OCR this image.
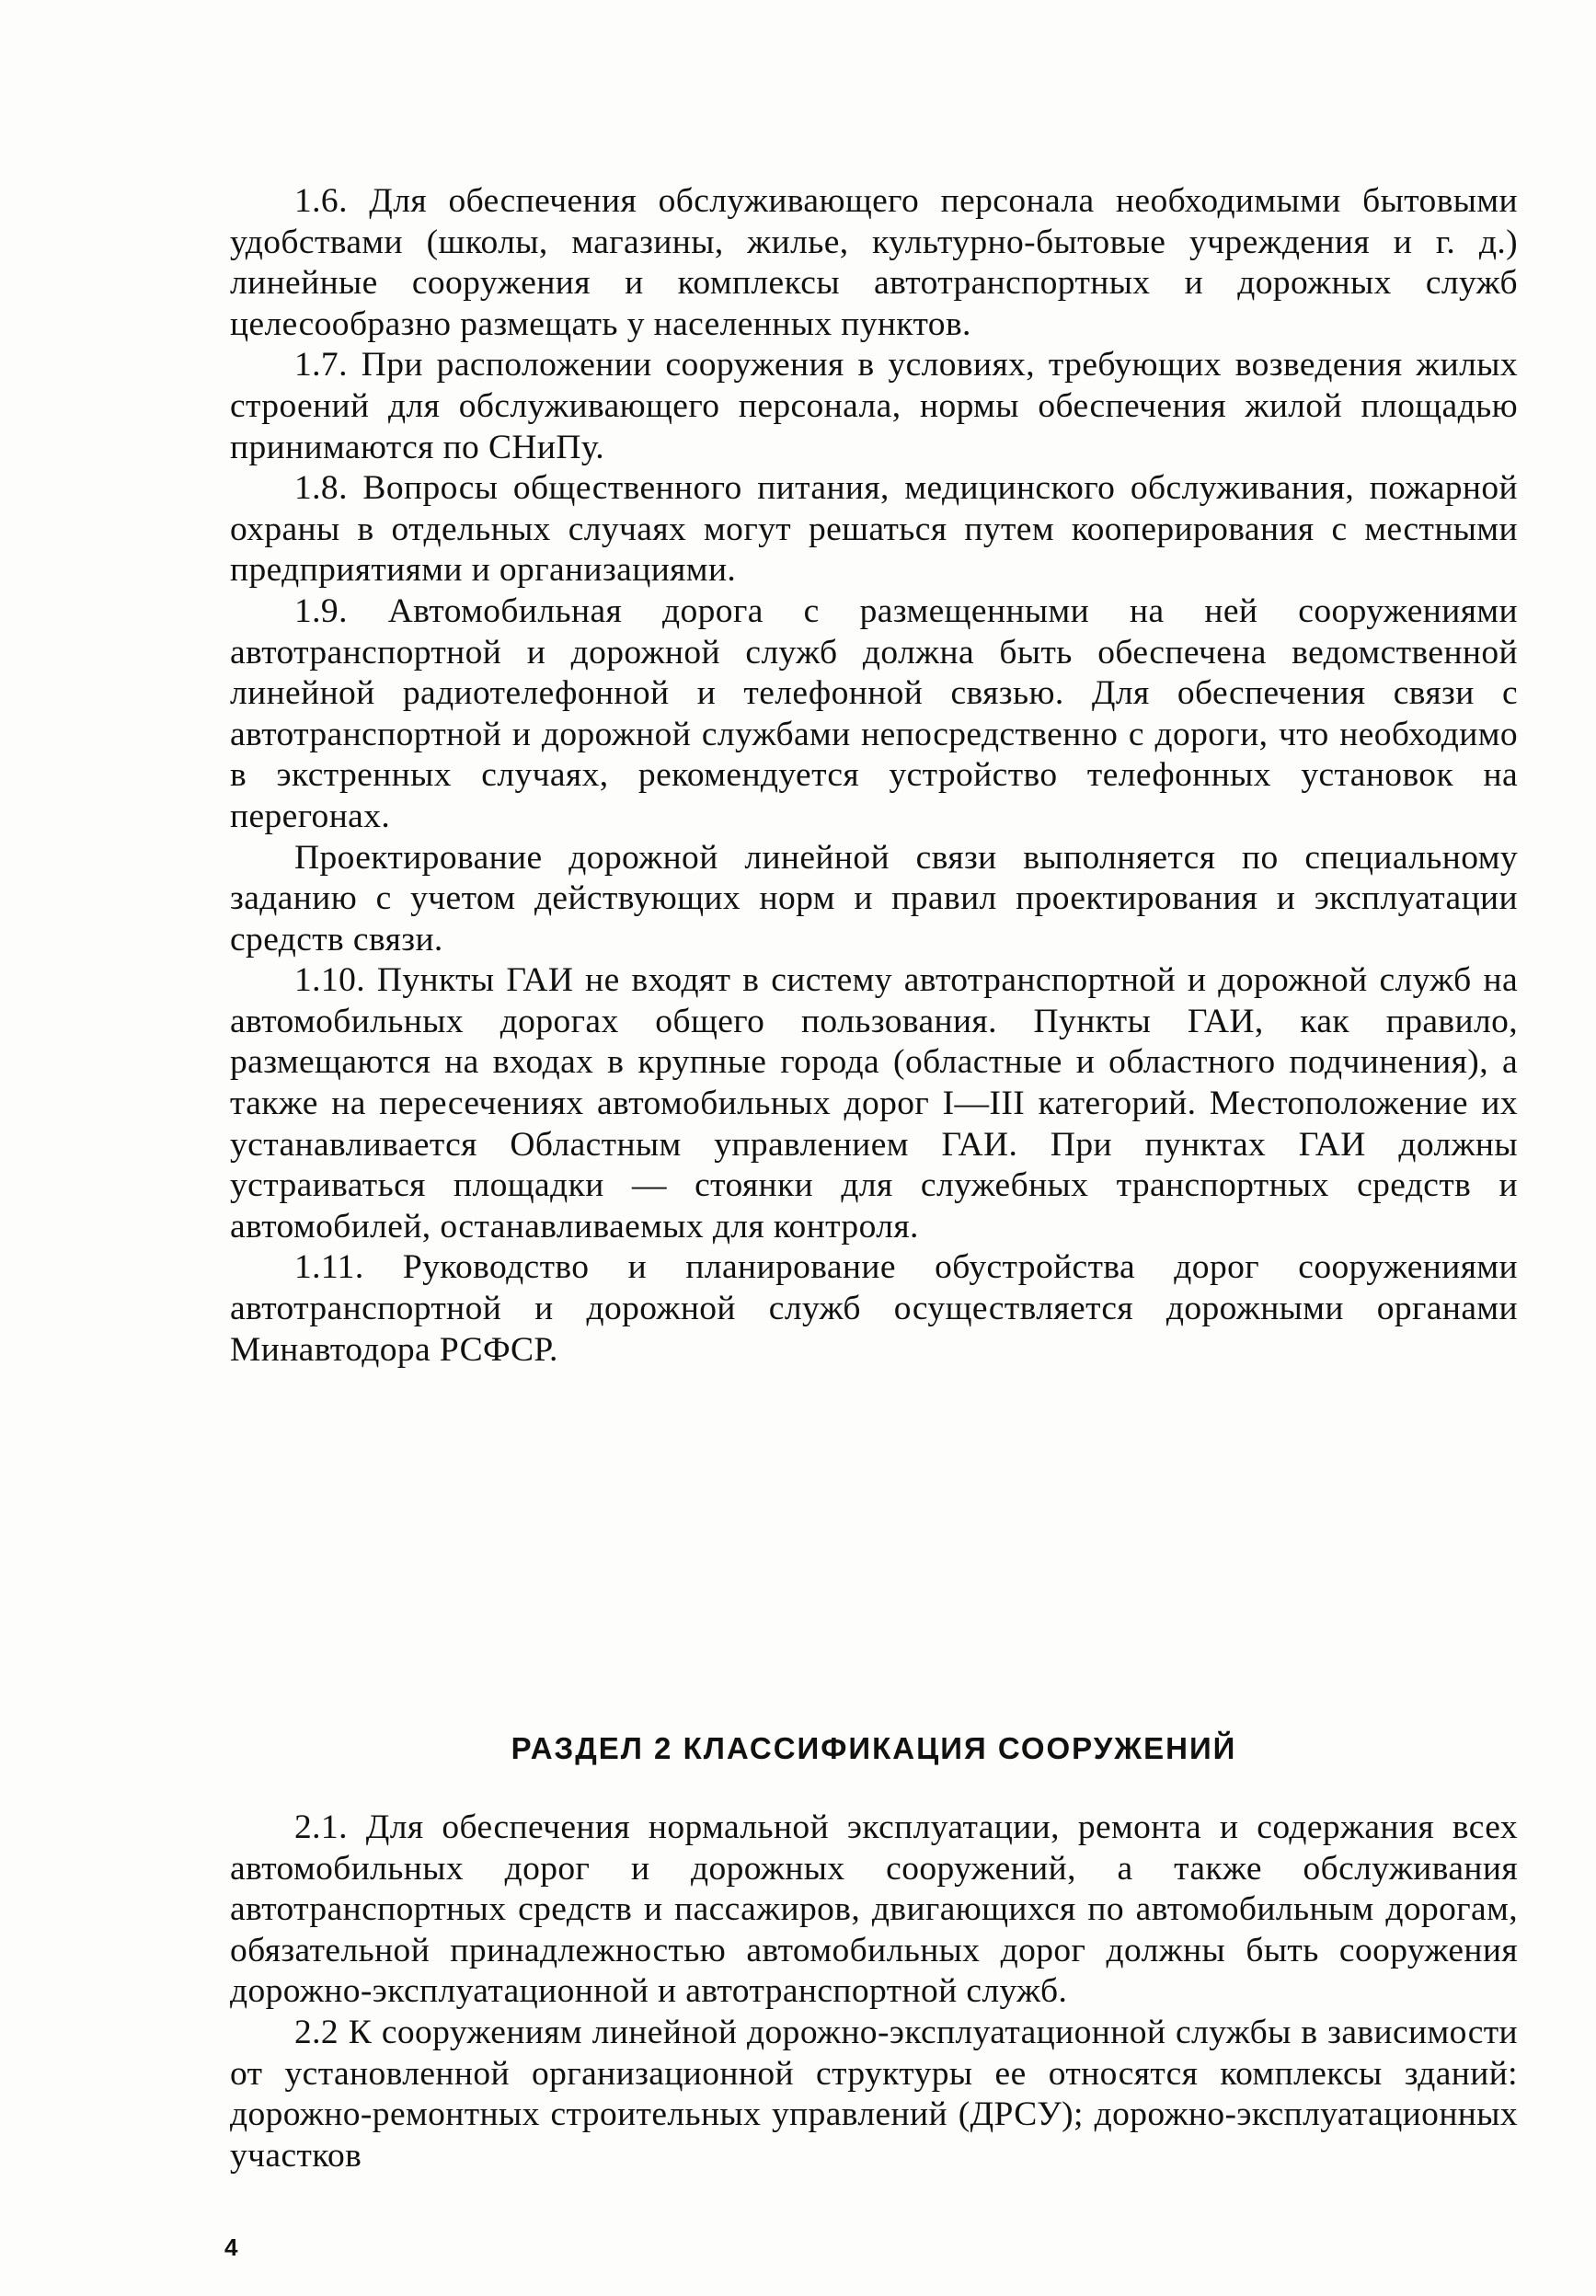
1.6. Для обеспечения обслуживающего персонала необходимыми бытовыми удобствами (школы, магазины, жилье, культурно-бытовые учреждения и г. д.) линейные сооружения и комплексы автотранспортных и дорожных служб целесообразно размещать у населенных пунктов.

1.7. При расположении сооружения в условиях, требующих возведения жилых строений для обслуживающего персонала, нормы обеспечения жилой площадью принимаются по СНиПу.

1.8. Вопросы общественного питания, медицинского обслуживания, пожарной охраны в отдельных случаях могут решаться путем кооперирования с местными предприятиями и организациями.

1.9. Автомобильная дорога с размещенными на ней сооружениями автотранспортной и дорожной служб должна быть обеспечена ведомственной линейной радиотелефонной и телефонной связью. Для обеспечения связи с автотранспортной и дорожной службами непосредственно с дороги, что необходимо в экстренных случаях, рекомендуется устройство телефонных установок на перегонах.

Проектирование дорожной линейной связи выполняется по специальному заданию с учетом действующих норм и правил проектирования и эксплуатации средств связи.

1.10. Пункты ГАИ не входят в систему автотранспортной и дорожной служб на автомобильных дорогах общего пользования. Пункты ГАИ, как правило, размещаются на входах в крупные города (областные и областного подчинения), а также на пересечениях автомобильных дорог I—III категорий. Местоположение их устанавливается Областным управлением ГАИ. При пунктах ГАИ должны устраиваться площадки — стоянки для служебных транспортных средств и автомобилей, останавливаемых для контроля.

1.11. Руководство и планирование обустройства дорог сооружениями автотранспортной и дорожной служб осуществляется дорожными органами Минавтодора РСФСР.

РАЗДЕЛ 2 КЛАССИФИКАЦИЯ СООРУЖЕНИЙ

2.1. Для обеспечения нормальной эксплуатации, ремонта и содержания всех автомобильных дорог и дорожных сооружений, а также обслуживания автотранспортных средств и пассажиров, двигающихся по автомобильным дорогам, обязательной принадлежностью автомобильных дорог должны быть сооружения дорожно-эксплуатационной и автотранспортной служб.

2.2 К сооружениям линейной дорожно-эксплуатационной службы в зависимости от установленной организационной структуры ее относятся комплексы зданий: дорожно-ремонтных строительных управлений (ДРСУ); дорожно-эксплуатационных участков

4
